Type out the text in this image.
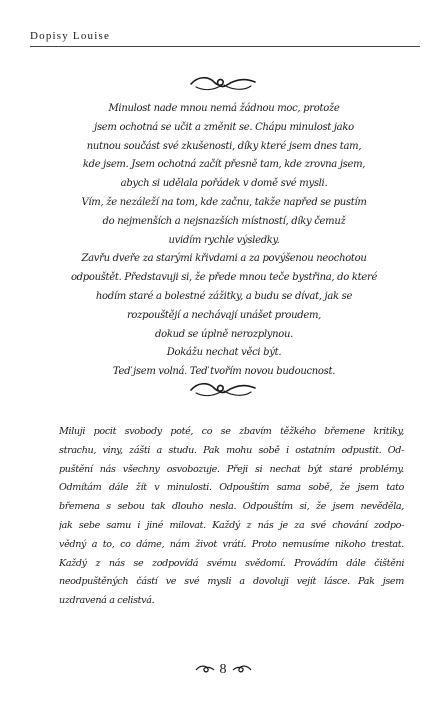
Dopisy Louise
Minulost nade mnou nemá žádnou moc, protože
jsem ochotná se učit a změnit se. Chápu minulost jako
nutnou součást své zkušenosti, díky které jsem dnes tam,
kde jsem. Jsem ochotná začít přesně tam, kde zrovna jsem,
abych si udělala pořádek v domě své mysli.
Vím, že nezáleží na tom, kde začnu, takže napřed se pustím
do nejmenších a nejsnazších místností, díky čemuž
uvidím rychle výsledky.
Zavřu dveře za starými křivdami a za povýšenou neochotou
odpouštět. Představuji si, že přede mnou teče bystřina, do které
hodím staré a bolestné zážitky, a budu se dívat, jak se
rozpouštějí a nechávají unášet proudem,
dokud se úplně nerozplynou.
Dokážu nechat věci být.
Teď jsem volná. Teď tvořím novou budoucnost.
Miluji pocit svobody poté, co se zbavím těžkého břemene kritiky,
strachu, viny, zášti a studu. Pak mohu sobě i ostatním odpustit. Od-
puštění nás všechny osvobozuje. Přeji si nechat být staré problémy.
Odmítám dále žít v minulosti. Odpouštím sama sobě, že jsem tato
břemena s sebou tak dlouho nesla. Odpouštím si, že jsem nevěděla,
jak sebe samu i jiné milovat. Každý z nás je za své chování zodpo-
vědný a to, co dáme, nám život vrátí. Proto nemusíme nikoho trestat.
Každý z nás se zodpovídá svému svědomí. Provádím dále čištění
neodpuštěných částí ve své mysli a dovoluji vejít lásce. Pak jsem
uzdravená a celistvá.
8
